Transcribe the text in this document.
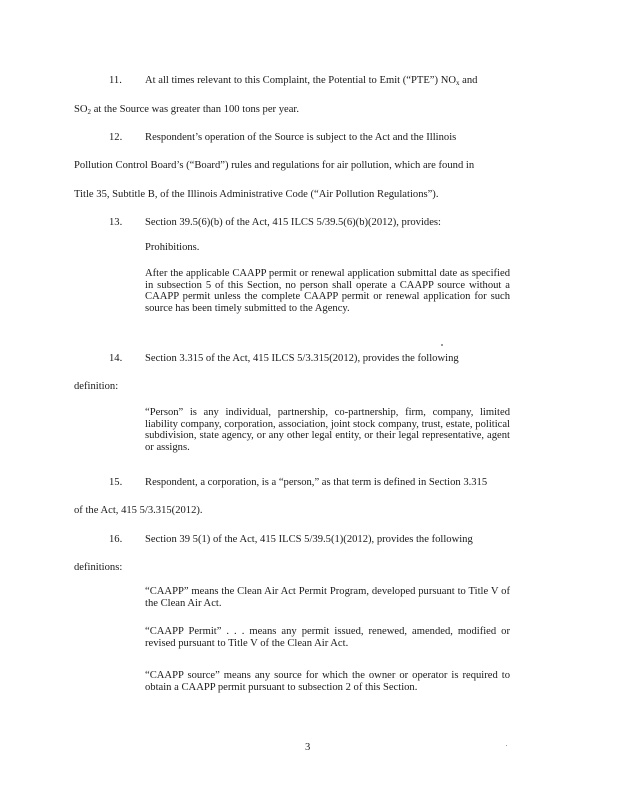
11. At all times relevant to this Complaint, the Potential to Emit (“PTE”) $NO_x$ and
$SO_2$ at the Source was greater than 100 tons per year.
12. Respondent’s operation of the Source is subject to the Act and the Illinois
Pollution Control Board’s (“Board”) rules and regulations for air pollution, which are found in
Title 35, Subtitle B, of the Illinois Administrative Code (“Air Pollution Regulations”).
13. Section 39.5(6)(b) of the Act, 415 ILCS 5/39.5(6)(b)(2012), provides:
Prohibitions.
After the applicable CAAPP permit or renewal application submittal date as specified in subsection 5 of this Section, no person shall operate a CAAPP source without a CAAPP permit unless the complete CAAPP permit or renewal application for such source has been timely submitted to the Agency.
14. Section 3.315 of the Act, 415 ILCS 5/3.315(2012), provides the following
definition:
“Person” is any individual, partnership, co-partnership, firm, company, limited liability company, corporation, association, joint stock company, trust, estate, political subdivision, state agency, or any other legal entity, or their legal representative, agent or assigns.
15. Respondent, a corporation, is a “person,” as that term is defined in Section 3.315
of the Act, 415 5/3.315(2012).
16. Section 39 5(1) of the Act, 415 ILCS 5/39.5(1)(2012), provides the following
definitions:
“CAAPP” means the Clean Air Act Permit Program, developed pursuant to Title V of the Clean Air Act.
“CAAPP Permit” . . . means any permit issued, renewed, amended, modified or revised pursuant to Title V of the Clean Air Act.
“CAAPP source” means any source for which the owner or operator is required to obtain a CAAPP permit pursuant to subsection 2 of this Section.
3
